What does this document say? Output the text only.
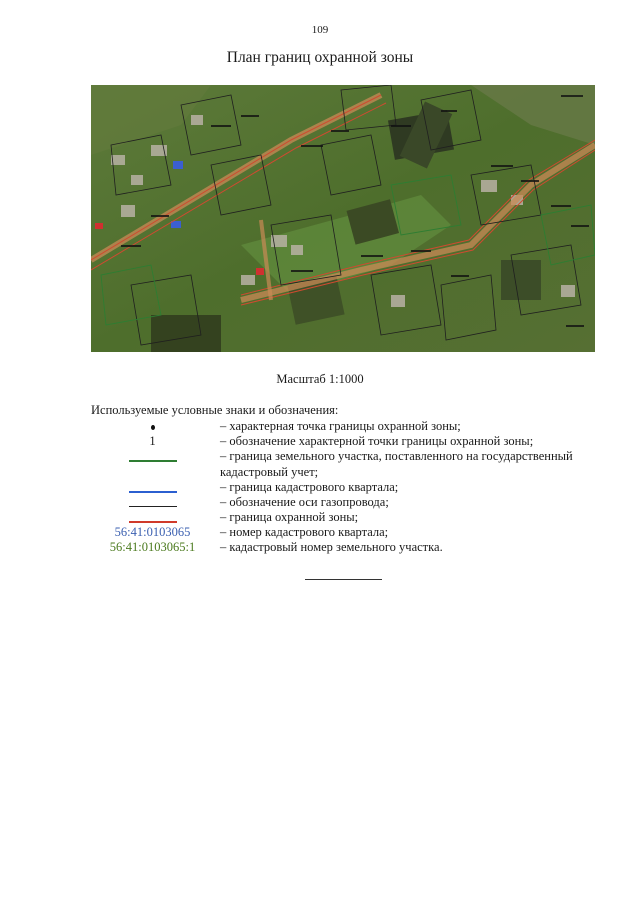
109
План границ охранной зоны
Масштаб 1:1000
Используемые условные знаки и обозначения:
– характерная точка границы охранной зоны;
1	– обозначение характерной точки границы охранной зоны;
– граница земельного участка, поставленного на государственный кадастровый учет;
– граница кадастрового квартала;
– обозначение оси газопровода;
– граница охранной зоны;
56:41:0103065	– номер кадастрового квартала;
56:41:0103065:1	– кадастровый номер земельного участка.
